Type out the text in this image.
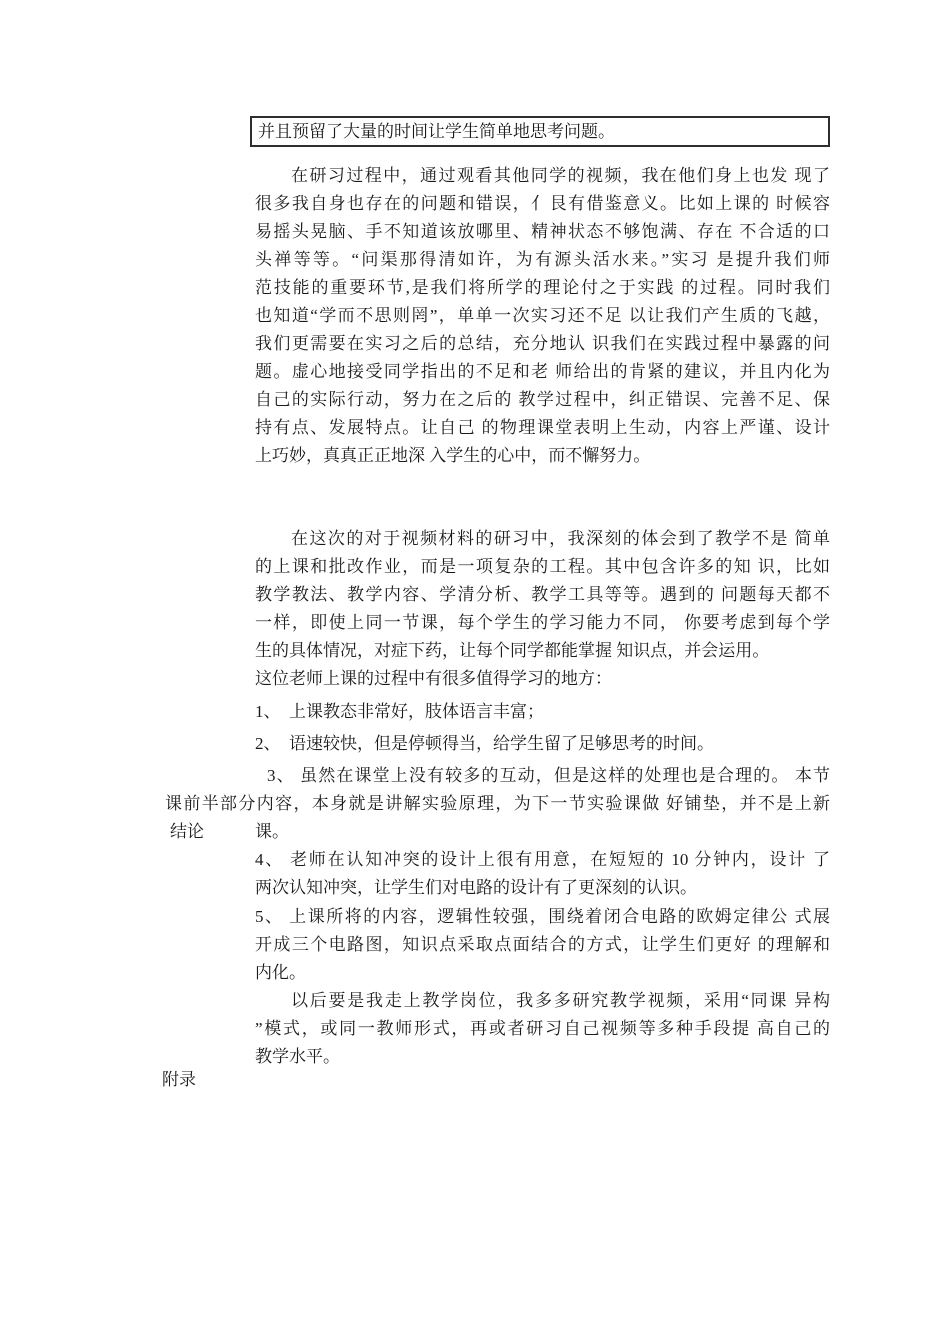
并且预留了大量的时间让学生简单地思考问题。
在研习过程中，通过观看其他同学的视频，我在他们身上也发 现了
很多我自身也存在的问题和错误，亻艮有借鉴意义。比如上课的 时候容
易摇头晃脑、手不知道该放哪里、精神状态不够饱满、存在 不合适的口
头禅等等。“问渠那得清如许，为有源头活水来。”实习 是提升我们师
范技能的重要环节,是我们将所学的理论付之于实践 的过程。同时我们
也知道“学而不思则罔”，单单一次实习还不足 以让我们产生质的飞越，
我们更需要在实习之后的总结，充分地认 识我们在实践过程中暴露的问
题。虚心地接受同学指出的不足和老 师给出的肯紧的建议，并且内化为
自己的实际行动，努力在之后的 教学过程中，纠正错误、完善不足、保
持有点、发展特点。让自己 的物理课堂表明上生动，内容上严谨、设计
上巧妙，真真正正地深 入学生的心中，而不懈努力。
在这次的对于视频材料的研习中，我深刻的体会到了教学不是 简单
的上课和批改作业，而是一项复杂的工程。其中包含许多的知 识，比如
教学教法、教学内容、学清分析、教学工具等等。遇到的 问题每天都不
一样，即使上同一节课，每个学生的学习能力不同， 你要考虑到每个学
生的具体情况，对症下药，让每个同学都能掌握 知识点，并会运用。
这位老师上课的过程中有很多值得学习的地方：
1、  上课教态非常好，肢体语言丰富；
2、  语速较快，但是停顿得当，给学生留了足够思考的时间。
3、 虽然在课堂上没有较多的互动，但是这样的处理也是合理的。 本节
课前半部分内容，本身就是讲解实验原理，为下一节实验课做 好铺垫，并不是上新
课。
结论
4、 老师在认知冲突的设计上很有用意，在短短的 10 分钟内，设计 了
两次认知冲突，让学生们对电路的设计有了更深刻的认识。
5、 上课所将的内容，逻辑性较强，围绕着闭合电路的欧姆定律公 式展
开成三个电路图，知识点采取点面结合的方式，让学生们更好 的理解和
内化。
以后要是我走上教学岗位，我多多研究教学视频，采用“同课 异构
”模式，或同一教师形式，再或者研习自己视频等多种手段提 高自己的
教学水平。
附录
